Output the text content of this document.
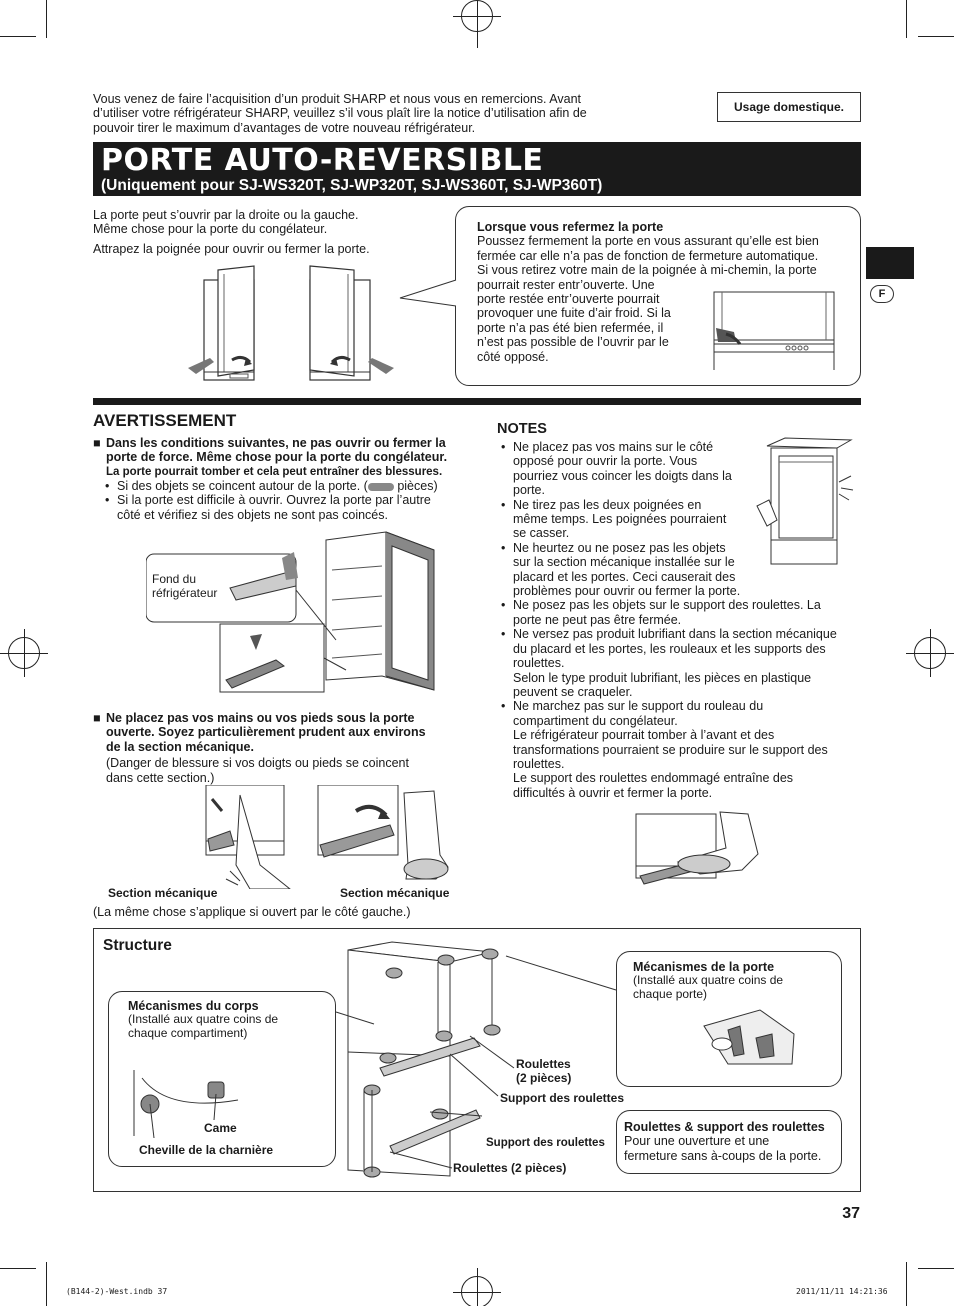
Vous venez de faire l’acquisition d’un produit SHARP et nous vous en remercions. Avant
d’utiliser votre réfrigérateur SHARP, veuillez s’il vous plaît lire la notice d’utilisation afin de
pouvoir tirer le maximum d’avantages de votre nouveau réfrigérateur.
Usage domestique.
PORTE AUTO-REVERSIBLE
(Uniquement pour SJ-WS320T, SJ-WP320T, SJ-WS360T, SJ-WP360T)
F
La porte peut s’ouvrir par la droite ou la gauche.
Même chose pour la porte du congélateur.
Attrapez la poignée pour ouvrir ou fermer la porte.
Lorsque vous refermez la porte
Poussez fermement la porte en vous assurant qu’elle est bien
fermée car elle n’a pas de fonction de fermeture automatique.
Si vous retirez votre main de la poignée à mi-chemin, la porte
pourrait rester entr’ouverte. Une
porte restée entr’ouverte pourrait
provoquer une fuite d’air froid. Si la
porte n’a pas été bien refermée, il
n’est pas possible de l’ouvrir par le
côté opposé.
AVERTISSEMENT
■ Dans les conditions suivantes, ne pas ouvrir ou fermer la
porte de force. Même chose pour la porte du congélateur.
La porte pourrait tomber et cela peut entraîner des blessures.
• Si des objets se coincent autour de la porte. ( pièces)
• Si la porte est difficile à ouvrir. Ouvrez la porte par l’autre
côté et vérifiez si des objets ne sont pas coincés.
Fond du
réfrigérateur
■ Ne placez pas vos mains ou vos pieds sous la porte
ouverte. Soyez particulièrement prudent aux environs
de la section mécanique.
(Danger de blessure si vos doigts ou pieds se coincent
dans cette section.)
Section mécanique	Section mécanique
(La même chose s’applique si ouvert par le côté gauche.)
NOTES
• Ne placez pas vos mains sur le côté
opposé pour ouvrir la porte. Vous
pourriez vous coincer les doigts dans la
porte.
• Ne tirez pas les deux poignées en
même temps. Les poignées pourraient
se casser.
• Ne heurtez ou ne posez pas les objets
sur la section mécanique installée sur le
placard et les portes. Ceci causerait des
problèmes pour ouvrir ou fermer la porte.
• Ne posez pas les objets sur le support des roulettes. La
porte ne peut pas être fermée.
• Ne versez pas produit lubrifiant dans la section mécanique
du placard et les portes, les rouleaux et les supports des
roulettes.
Selon le type produit lubrifiant, les pièces en plastique
peuvent se craqueler.
• Ne marchez pas sur le support du rouleau du
compartiment du congélateur.
Le réfrigérateur pourrait tomber à l’avant et des
transformations pourraient se produire sur le support des
roulettes.
Le support des roulettes endommagé entraîne des
difficultés à ouvrir et fermer la porte.
Structure
Mécanismes du corps
(Installé aux quatre coins de
chaque compartiment)
Came
Cheville de la charnière
Mécanismes de la porte
(Installé aux quatre coins de
chaque porte)
Roulettes
(2 pièces)
Support des roulettes
Support des roulettes
Roulettes (2 pièces)
Roulettes & support des roulettes
Pour une ouverture et une
fermeture sans à-coups de la porte.
37
(B144-2)-West.indb 37	2011/11/11 14:21:36
